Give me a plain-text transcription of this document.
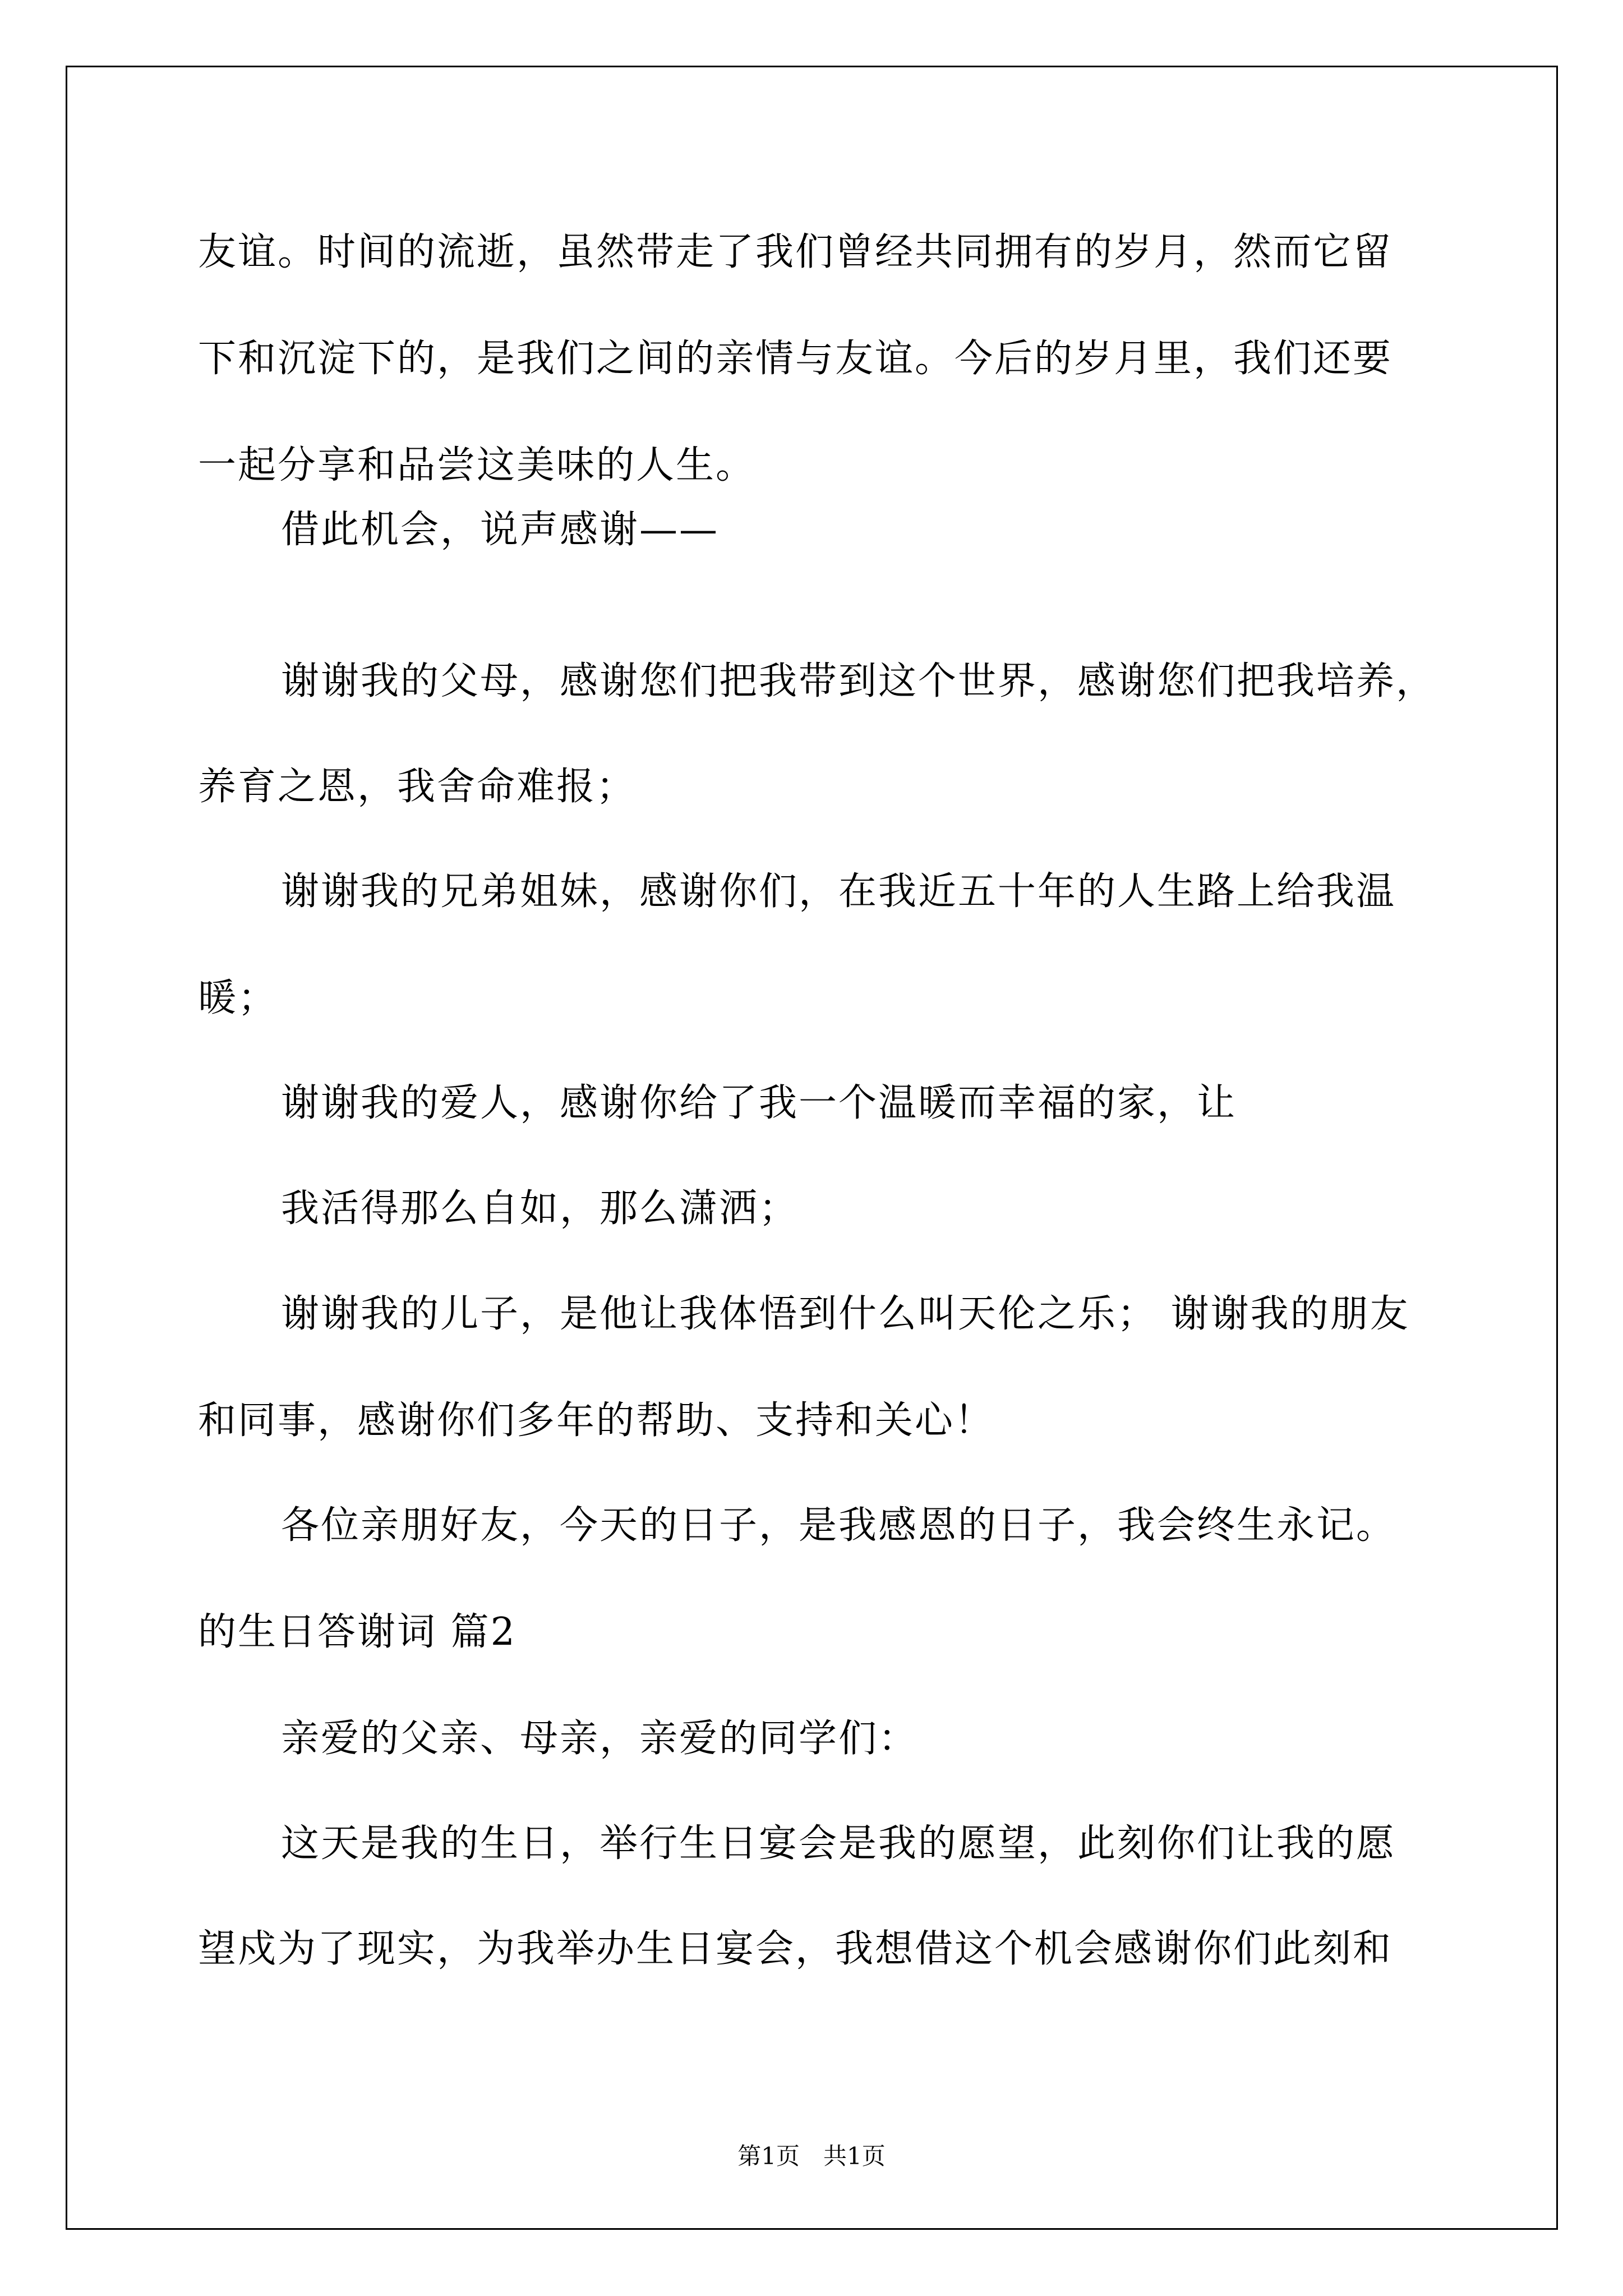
友谊。时间的流逝，虽然带走了我们曾经共同拥有的岁月，然而它留
下和沉淀下的，是我们之间的亲情与友谊。今后的岁月里，我们还要
一起分享和品尝这美味的人生。
借此机会，说声感谢——
谢谢我的父母，感谢您们把我带到这个世界，感谢您们把我培养，
养育之恩，我舍命难报；
谢谢我的兄弟姐妹，感谢你们，在我近五十年的人生路上给我温
暖；
谢谢我的爱人，感谢你给了我一个温暖而幸福的家，让
我活得那么自如，那么潇洒；
谢谢我的儿子，是他让我体悟到什么叫天伦之乐； 谢谢我的朋友
和同事，感谢你们多年的帮助、支持和关心！
各位亲朋好友，今天的日子，是我感恩的日子，我会终生永记。
的生日答谢词 篇2
亲爱的父亲、母亲，亲爱的同学们：
这天是我的生日，举行生日宴会是我的愿望，此刻你们让我的愿
望戍为了现实，为我举办生日宴会，我想借这个机会感谢你们此刻和
第1页　共1页
